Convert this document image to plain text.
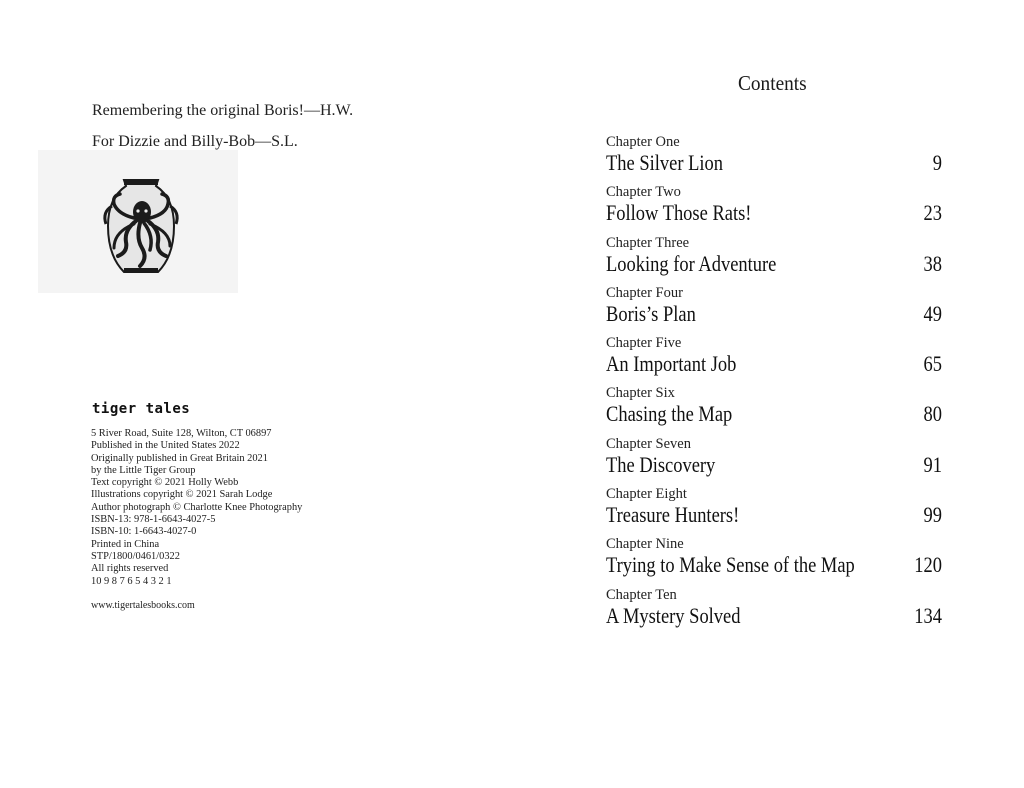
Remembering the original Boris!—H.W.
For Dizzie and Billy-Bob—S.L.
tiger tales
5 River Road, Suite 128, Wilton, CT 06897
Published in the United States 2022
Originally published in Great Britain 2021
by the Little Tiger Group
Text copyright © 2021 Holly Webb
Illustrations copyright © 2021 Sarah Lodge
Author photograph © Charlotte Knee Photography
ISBN-13: 978-1-6643-4027-5
ISBN-10: 1-6643-4027-0
Printed in China
STP/1800/0461/0322
All rights reserved
10 9 8 7 6 5 4 3 2 1
www.tigertalesbooks.com
Contents
Chapter One
The Silver Lion	9
Chapter Two
Follow Those Rats!	23
Chapter Three
Looking for Adventure	38
Chapter Four
Boris’s Plan	49
Chapter Five
An Important Job	65
Chapter Six
Chasing the Map	80
Chapter Seven
The Discovery	91
Chapter Eight
Treasure Hunters!	99
Chapter Nine
Trying to Make Sense of the Map	120
Chapter Ten
A Mystery Solved	134
